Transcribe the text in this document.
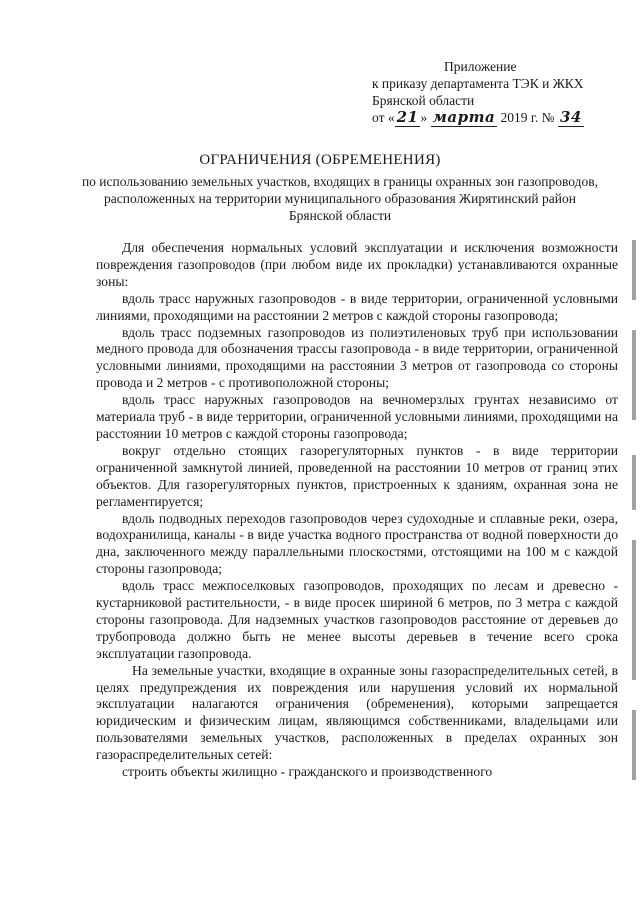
Приложение
к приказу департамента ТЭК и ЖКХ
Брянской области
от « 21 » марта 2019 г. № 34
ОГРАНИЧЕНИЯ (ОБРЕМЕНЕНИЯ)
по использованию земельных участков, входящих в границы охранных зон газопроводов, расположенных на территории муниципального образования Жирятинский район Брянской области

Для обеспечения нормальных условий эксплуатации и исключения возможности повреждения газопроводов (при любом виде их прокладки) устанавливаются охранные зоны:

вдоль трасс наружных газопроводов - в виде территории, ограниченной условными линиями, проходящими на расстоянии 2 метров с каждой стороны газопровода;

вдоль трасс подземных газопроводов из полиэтиленовых труб при использовании медного провода для обозначения трассы газопровода - в виде территории, ограниченной условными линиями, проходящими на расстоянии 3 метров от газопровода со стороны провода и 2 метров - с противоположной стороны;

вдоль трасс наружных газопроводов на вечномерзлых грунтах независимо от материала труб - в виде территории, ограниченной условными линиями, проходящими на расстоянии 10 метров с каждой стороны газопровода;

вокруг отдельно стоящих газорегуляторных пунктов - в виде территории ограниченной замкнутой линией, проведенной на расстоянии 10 метров от границ этих объектов. Для газорегуляторных пунктов, пристроенных к зданиям, охранная зона не регламентируется;

вдоль подводных переходов газопроводов через судоходные и сплавные реки, озера, водохранилища, каналы - в виде участка водного пространства от водной поверхности до дна, заключенного между параллельными плоскостями, отстоящими на 100 м с каждой стороны газопровода;

вдоль трасс межпоселковых газопроводов, проходящих по лесам и древесно - кустарниковой растительности, - в виде просек шириной 6 метров, по 3 метра с каждой стороны газопровода. Для надземных участков газопроводов расстояние от деревьев до трубопровода должно быть не менее высоты деревьев в течение всего срока эксплуатации газопровода.

На земельные участки, входящие в охранные зоны газораспределительных сетей, в целях предупреждения их повреждения или нарушения условий их нормальной эксплуатации налагаются ограничения (обременения), которыми запрещается юридическим и физическим лицам, являющимся собственниками, владельцами или пользователями земельных участков, расположенных в пределах охранных зон газораспределительных сетей:

строить объекты жилищно - гражданского и производственного
